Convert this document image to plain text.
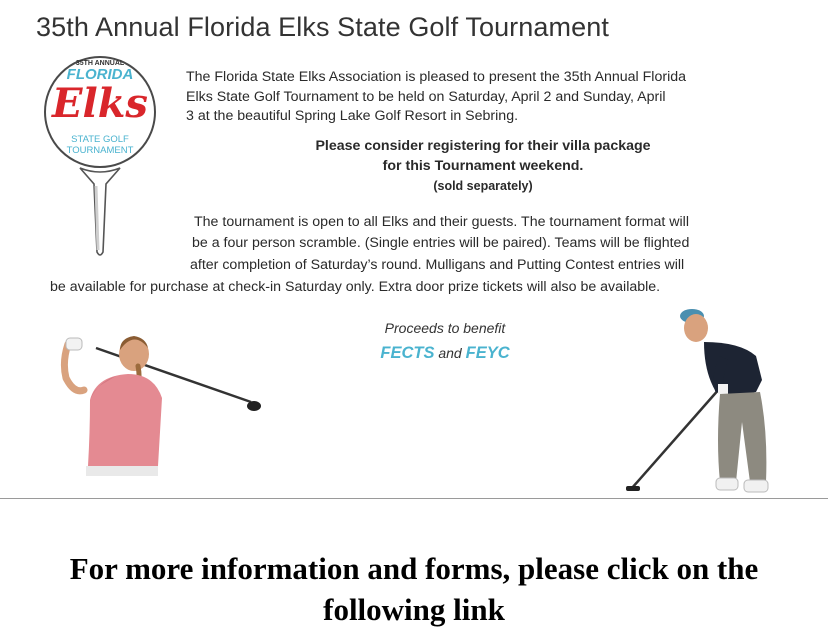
35th Annual Florida Elks State Golf Tournament
35TH ANNUAL
FLORIDA
Elks
STATE GOLF
TOURNAMENT
The Florida State Elks Association is pleased to present the 35th Annual Florida
Elks State Golf Tournament to be held on Saturday, April 2 and Sunday, April
3 at the beautiful Spring Lake Golf Resort in Sebring.
Please consider registering for their villa package
for this Tournament weekend.
(sold separately)
The tournament is open to all Elks and their guests. The tournament format will
be a four person scramble. (Single entries will be paired). Teams will be flighted
after completion of Saturday’s round. Mulligans and Putting Contest entries will
be available for purchase at check-in Saturday only. Extra door prize tickets will also be available.
Proceeds to benefit
FECTS and FEYC
For more information and forms, please click on the
following link
